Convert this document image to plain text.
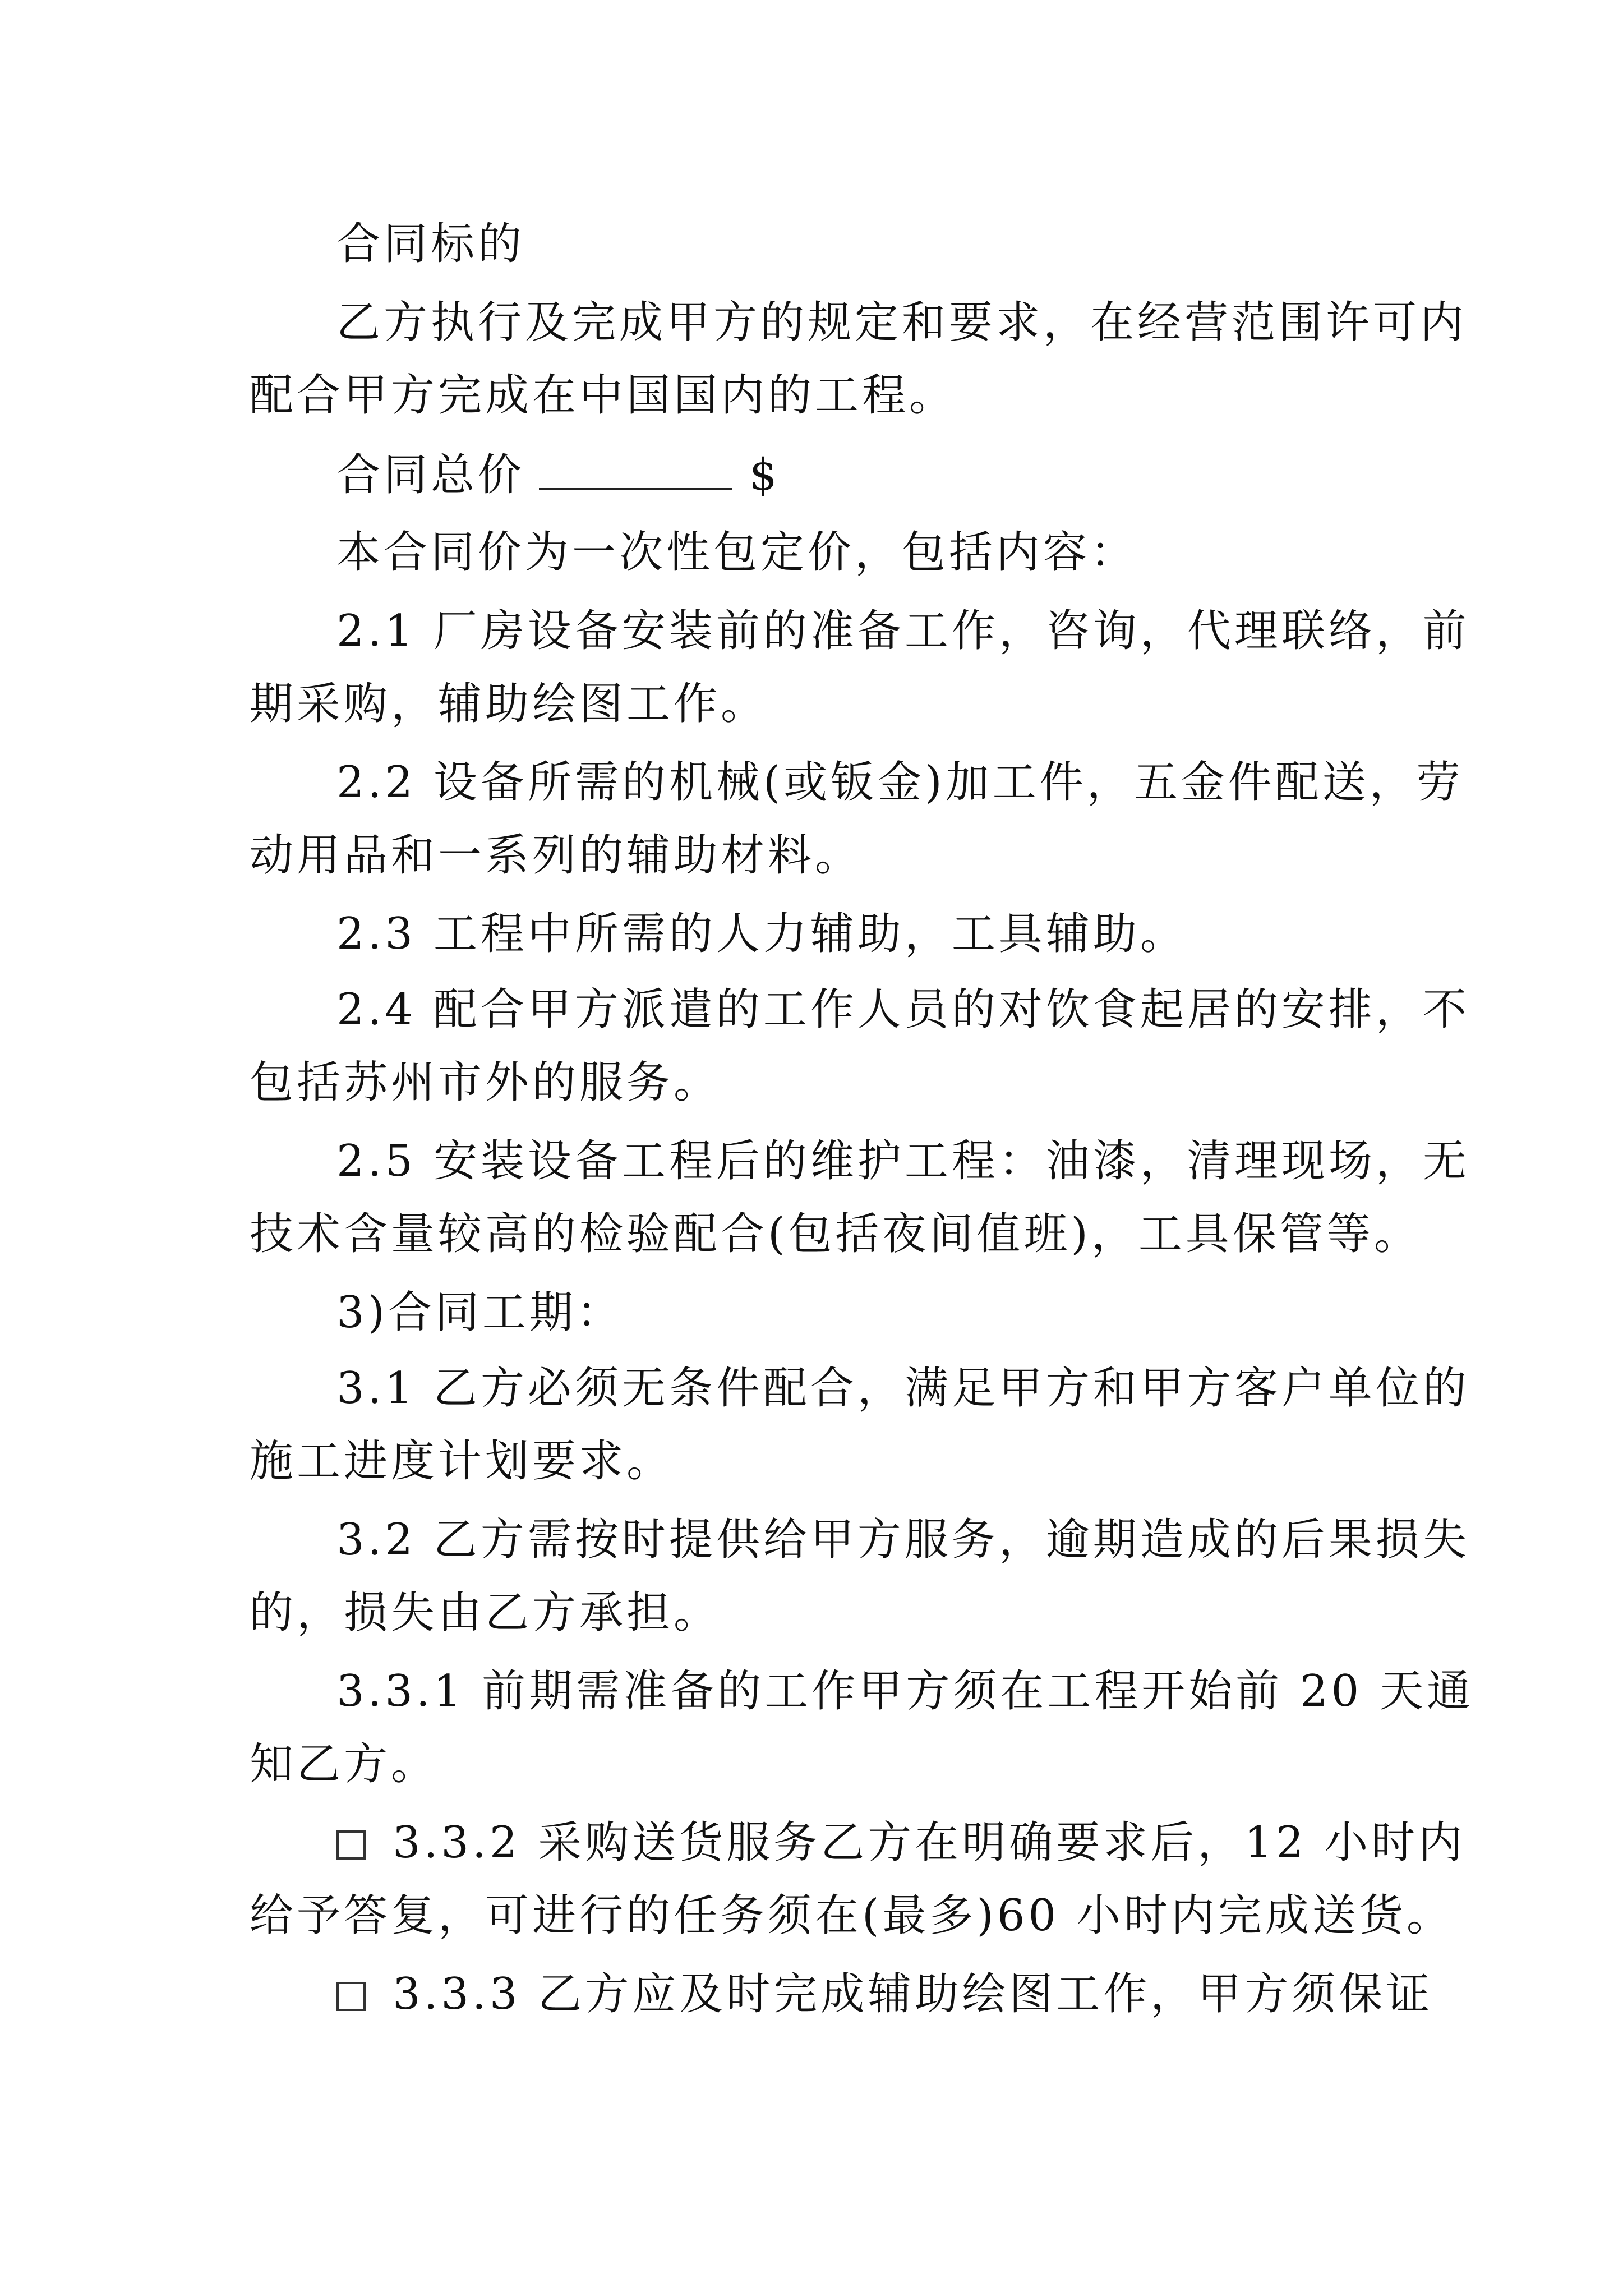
合同标的
乙方执行及完成甲方的规定和要求，在经营范围许可内
配合甲方完成在中国国内的工程。
合同总价	$
本合同价为一次性包定价，包括内容：
2.1 厂房设备安装前的准备工作，咨询，代理联络，前
期采购，辅助绘图工作。
2.2 设备所需的机械(或钣金)加工件，五金件配送，劳
动用品和一系列的辅助材料。
2.3 工程中所需的人力辅助，工具辅助。
2.4 配合甲方派遣的工作人员的对饮食起居的安排，不
包括苏州市外的服务。
2.5 安装设备工程后的维护工程：油漆，清理现场，无
技术含量较高的检验配合(包括夜间值班)，工具保管等。
3)合同工期：
3.1 乙方必须无条件配合，满足甲方和甲方客户单位的
施工进度计划要求。
3.2 乙方需按时提供给甲方服务，逾期造成的后果损失
的，损失由乙方承担。
3.3.1 前期需准备的工作甲方须在工程开始前 20 天通
知乙方。
3.3.2 采购送货服务乙方在明确要求后，12 小时内
给予答复，可进行的任务须在(最多)60 小时内完成送货。
3.3.3 乙方应及时完成辅助绘图工作，甲方须保证
